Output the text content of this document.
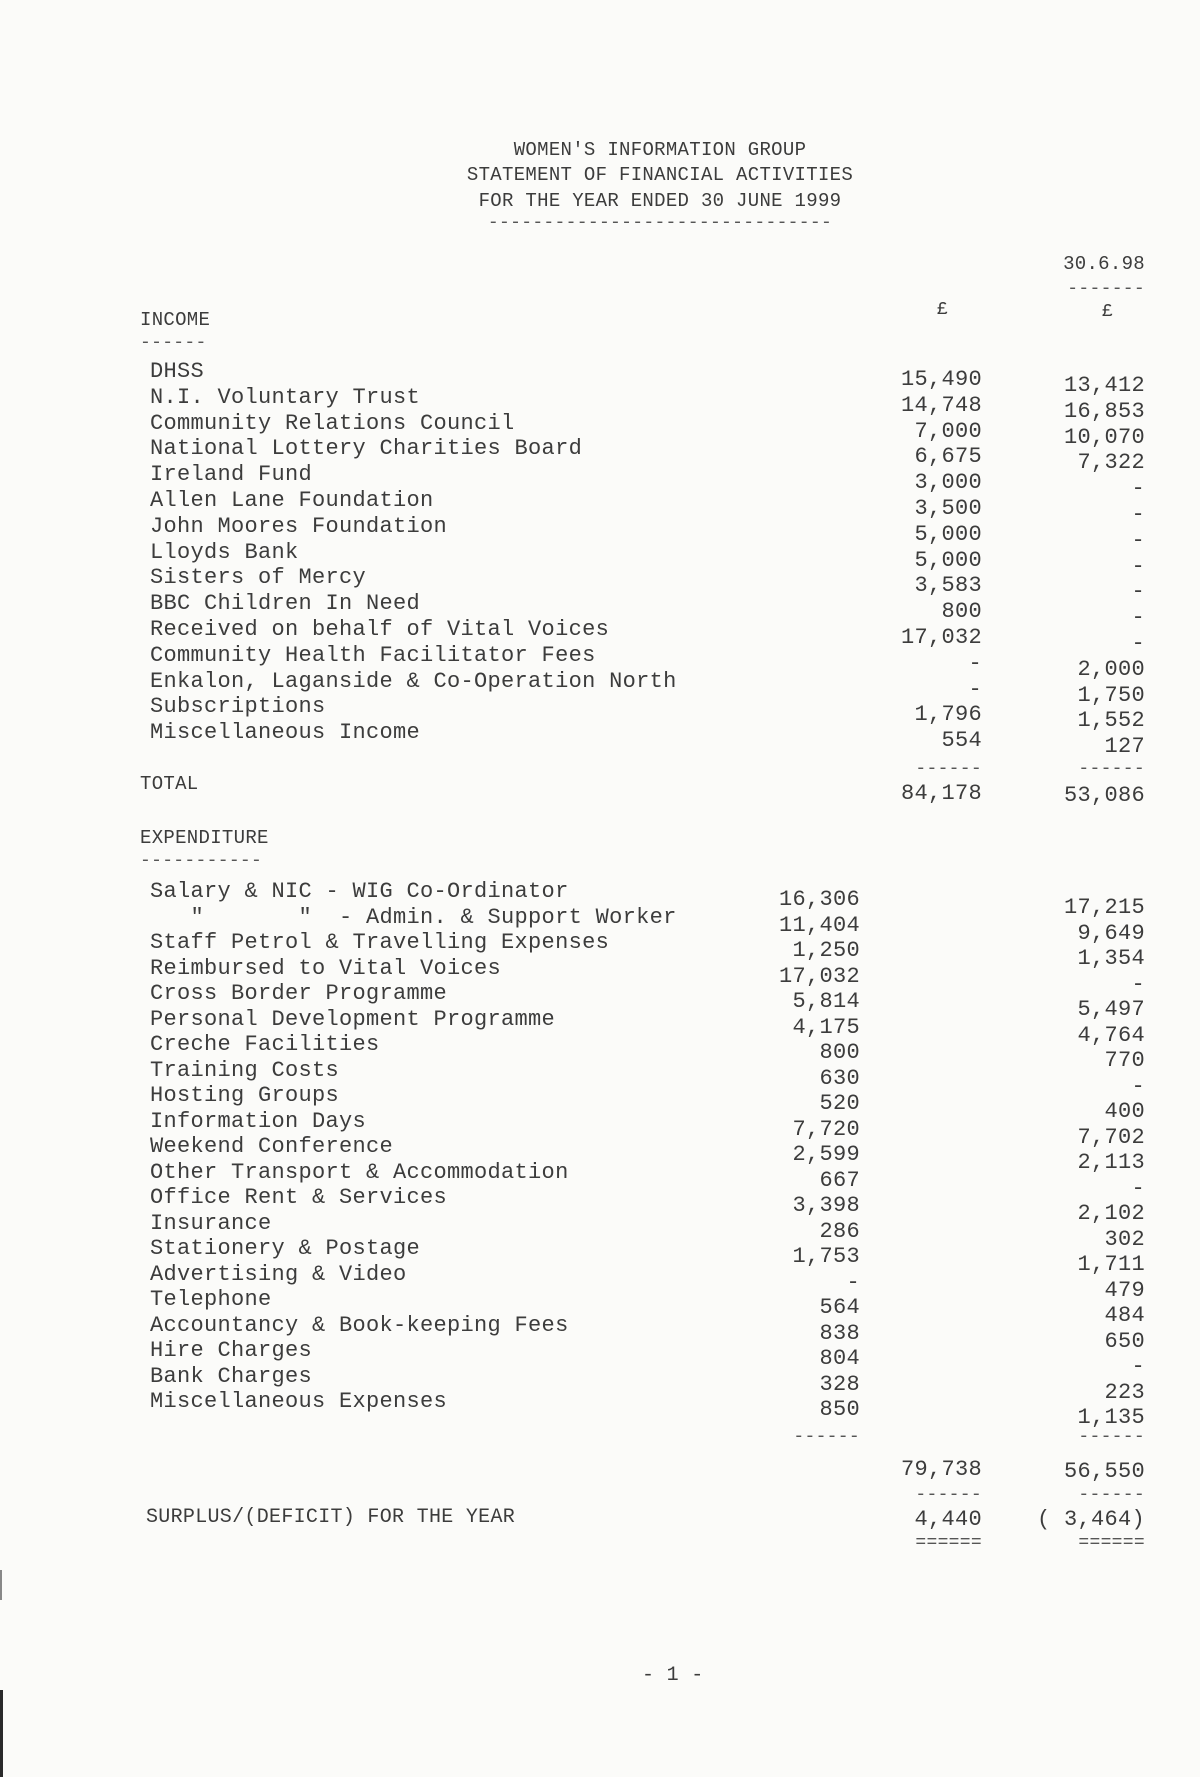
WOMEN'S INFORMATION GROUP
STATEMENT OF FINANCIAL ACTIVITIES
FOR THE YEAR ENDED 30 JUNE 1999
-------------------------------
30.6.98
-------
£	£
INCOME
------
DHSS	15,490	13,412
N.I. Voluntary Trust	14,748	16,853
Community Relations Council	7,000	10,070
National Lottery Charities Board	6,675	7,322
Ireland Fund	3,000	-
Allen Lane Foundation	3,500	-
John Moores Foundation	5,000	-
Lloyds Bank	5,000	-
Sisters of Mercy	3,583	-
BBC Children In Need	800	-
Received on behalf of Vital Voices	17,032	-
Community Health Facilitator Fees	-	2,000
Enkalon, Laganside & Co-Operation North	-	1,750
Subscriptions	1,796	1,552
Miscellaneous Income	554	127
------	------
TOTAL	84,178	53,086
EXPENDITURE
-----------
Salary & NIC - WIG Co-Ordinator	16,306	17,215
"       "  - Admin. & Support Worker	11,404	9,649
Staff Petrol & Travelling Expenses	1,250	1,354
Reimbursed to Vital Voices	17,032	-
Cross Border Programme	5,814	5,497
Personal Development Programme	4,175	4,764
Creche Facilities	800	770
Training Costs	630	-
Hosting Groups	520	400
Information Days	7,720	7,702
Weekend Conference	2,599	2,113
Other Transport & Accommodation	667	-
Office Rent & Services	3,398	2,102
Insurance	286	302
Stationery & Postage	1,753	1,711
Advertising & Video	-	479
Telephone	564	484
Accountancy & Book-keeping Fees	838	650
Hire Charges	804	-
Bank Charges	328	223
Miscellaneous Expenses	850	1,135
------	------
79,738	56,550
------	------
SURPLUS/(DEFICIT) FOR THE YEAR	4,440	( 3,464)
======	======
- 1 -
